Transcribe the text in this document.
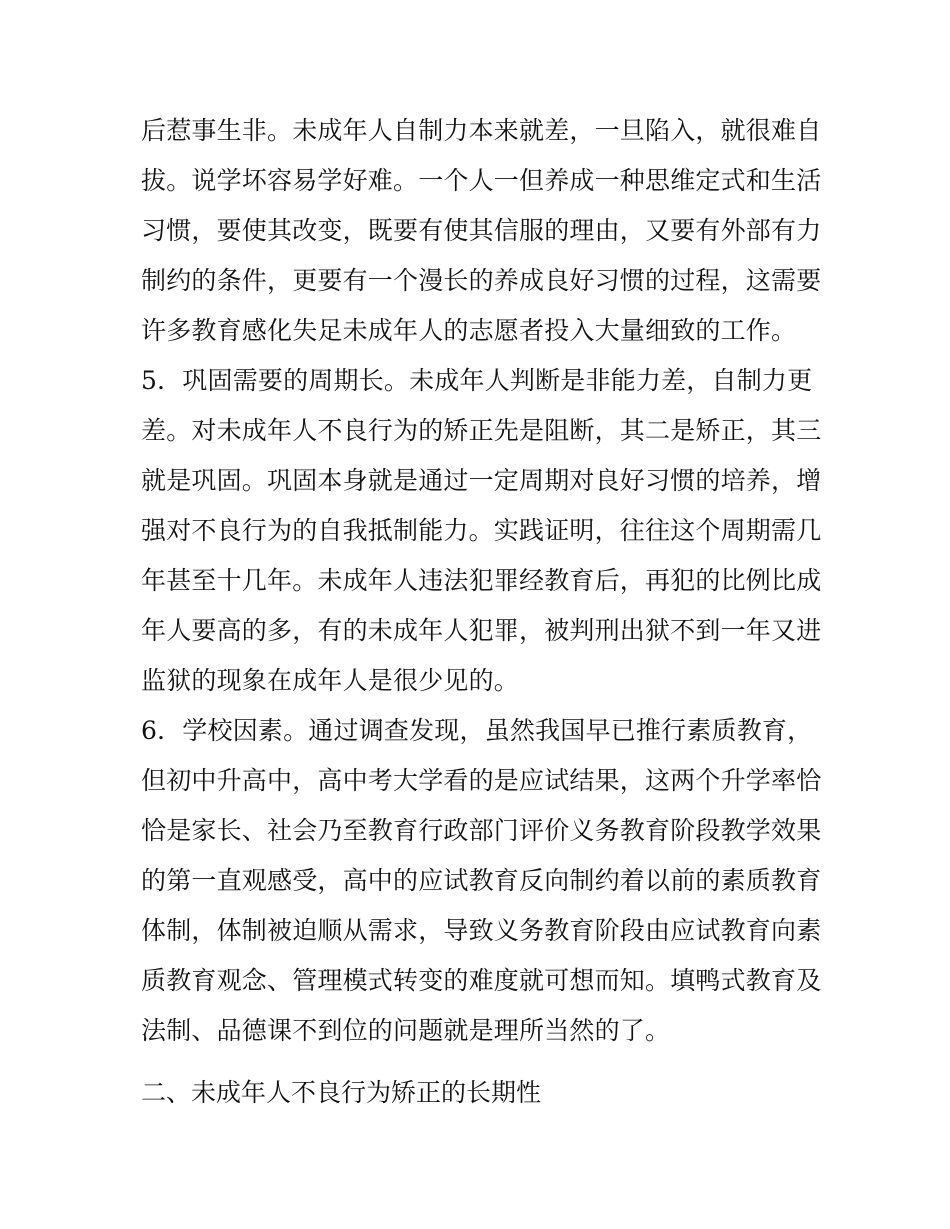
后惹事生非。未成年人自制力本来就差，一旦陷入，就很难自
拔。说学坏容易学好难。一个人一但养成一种思维定式和生活
习惯，要使其改变，既要有使其信服的理由，又要有外部有力
制约的条件，更要有一个漫长的养成良好习惯的过程，这需要
许多教育感化失足未成年人的志愿者投入大量细致的工作。
5．巩固需要的周期长。未成年人判断是非能力差，自制力更
差。对未成年人不良行为的矫正先是阻断，其二是矫正，其三
就是巩固。巩固本身就是通过一定周期对良好习惯的培养，增
强对不良行为的自我抵制能力。实践证明，往往这个周期需几
年甚至十几年。未成年人违法犯罪经教育后，再犯的比例比成
年人要高的多，有的未成年人犯罪，被判刑出狱不到一年又进
监狱的现象在成年人是很少见的。
6．学校因素。通过调查发现，虽然我国早已推行素质教育，
但初中升高中，高中考大学看的是应试结果，这两个升学率恰
恰是家长、社会乃至教育行政部门评价义务教育阶段教学效果
的第一直观感受，高中的应试教育反向制约着以前的素质教育
体制，体制被迫顺从需求，导致义务教育阶段由应试教育向素
质教育观念、管理模式转变的难度就可想而知。填鸭式教育及
法制、品德课不到位的问题就是理所当然的了。
二、未成年人不良行为矫正的长期性
